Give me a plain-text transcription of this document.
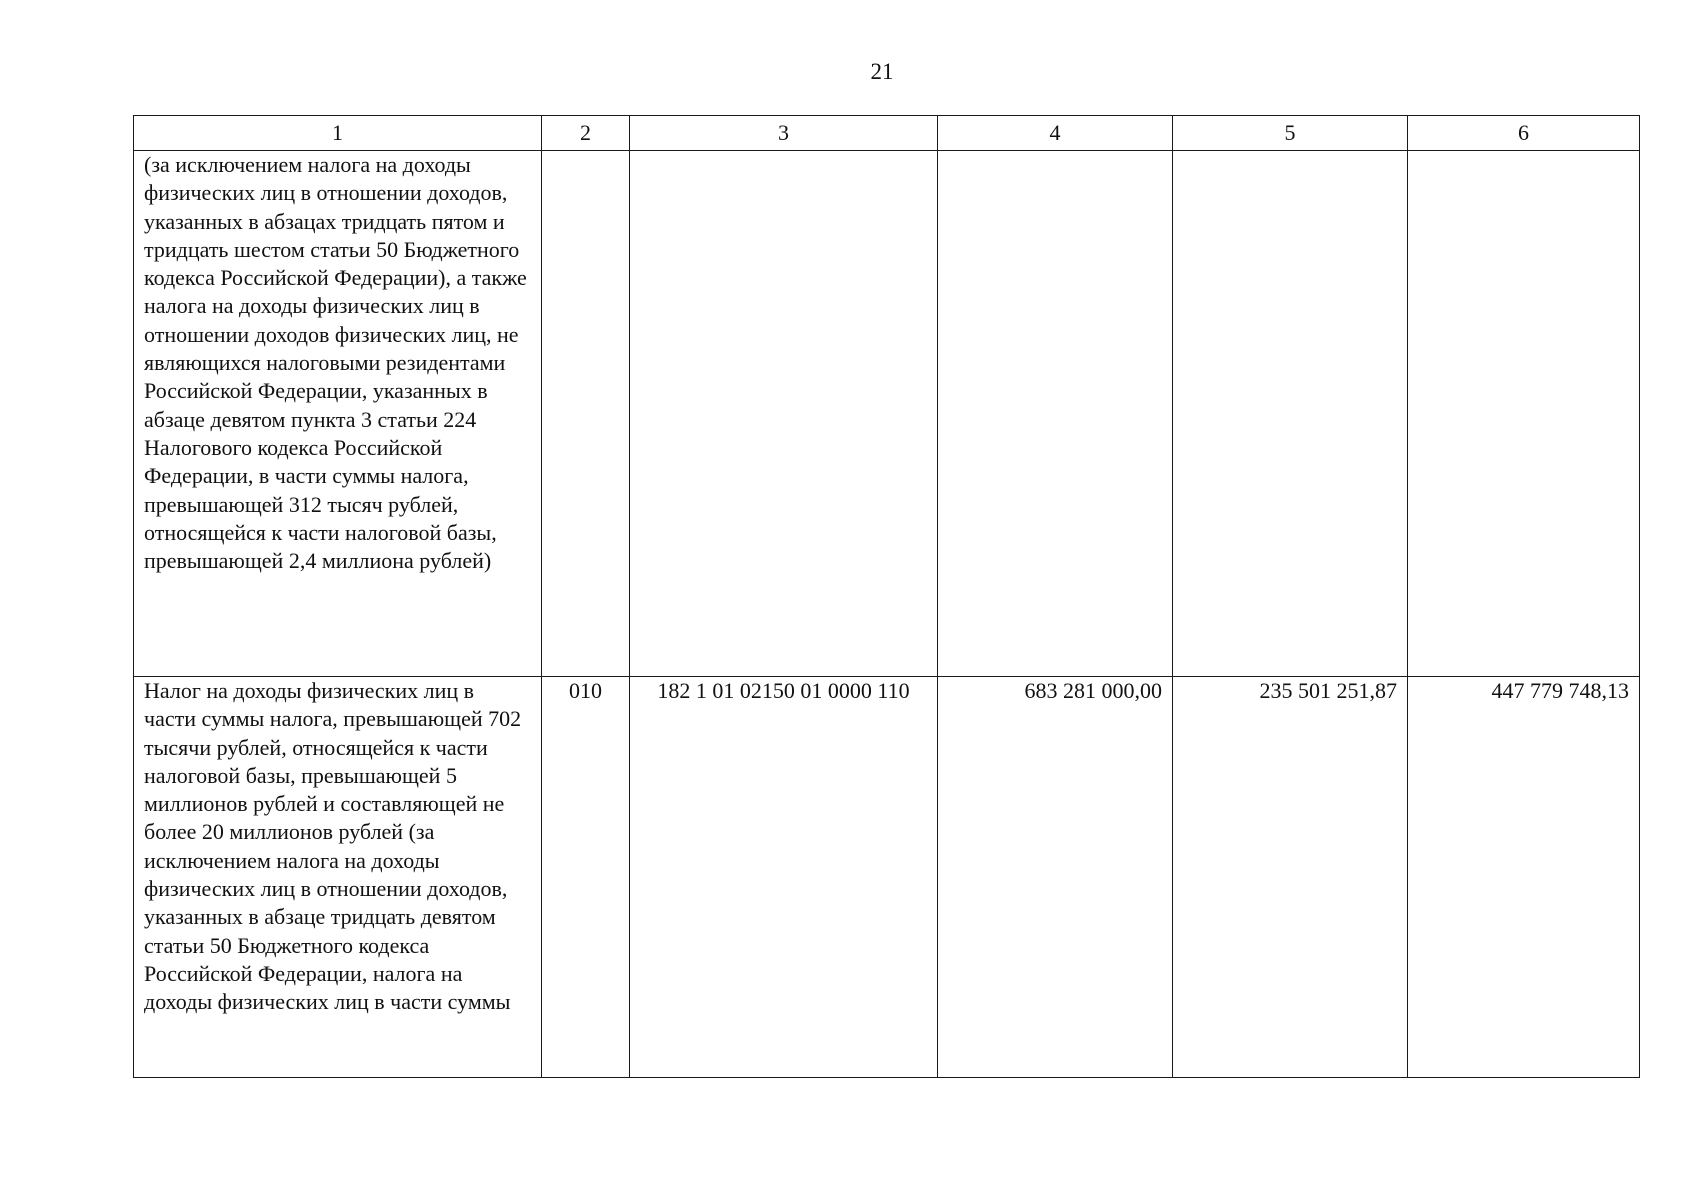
21
1	2	3	4	5	6
(за исключением налога на доходы физических лиц в отношении доходов, указанных в абзацах тридцать пятом и тридцать шестом статьи 50 Бюджетного кодекса Российской Федерации), а также налога на доходы физических лиц в отношении доходов физических лиц, не являющихся налоговыми резидентами Российской Федерации, указанных в абзаце девятом пункта 3 статьи 224 Налогового кодекса Российской Федерации, в части суммы налога, превышающей 312 тысяч рублей, относящейся к части налоговой базы, превышающей 2,4 миллиона рублей)					
Налог на доходы физических лиц в части суммы налога, превышающей 702 тысячи рублей, относящейся к части налоговой базы, превышающей 5 миллионов рублей и составляющей не более 20 миллионов рублей (за исключением налога на доходы физических лиц в отношении доходов, указанных в абзаце тридцать девятом статьи 50 Бюджетного кодекса Российской Федерации, налога на доходы физических лиц в части суммы	010	182 1 01 02150 01 0000 110	683 281 000,00	235 501 251,87	447 779 748,13
